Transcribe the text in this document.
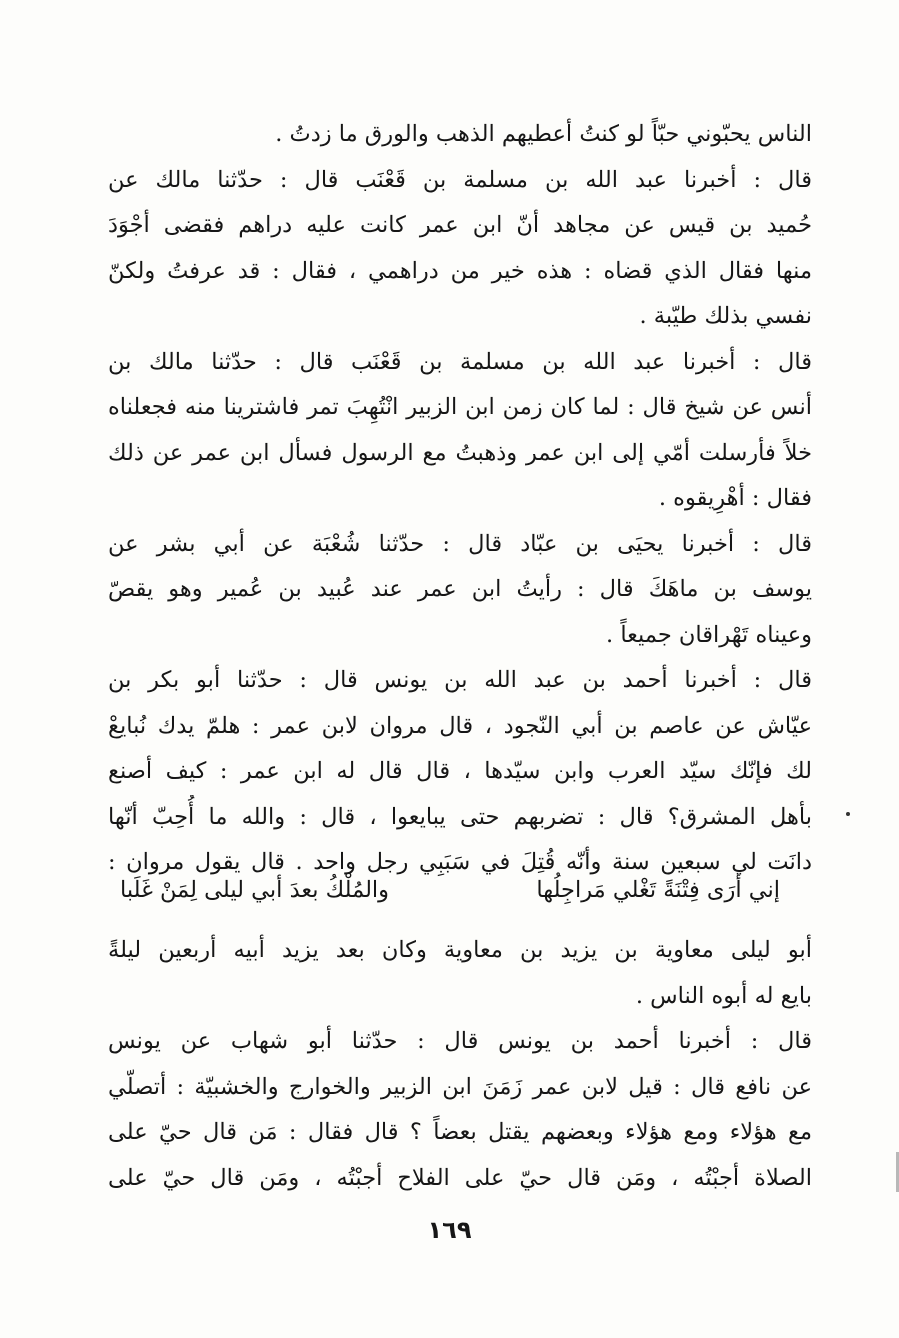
الناس يحبّوني حبّاً لو كنتُ أعطيهم الذهب والورق ما زدتُ .
قال : أخبرنا عبد الله بن مسلمة بن قَعْنَب قال : حدّثنا مالك عن
حُميد بن قيس عن مجاهد أنّ ابن عمر كانت عليه دراهم فقضى أجْوَدَ
منها فقال الذي قضاه : هذه خير من دراهمي ، فقال : قد عرفتُ ولكنّ
نفسي بذلك طيّبة .
قال : أخبرنا عبد الله بن مسلمة بن قَعْنَب قال : حدّثنا مالك بن
أنس عن شيخ قال : لما كان زمن ابن الزبير انْتُهِبَ تمر فاشترينا منه فجعلناه
خلاً فأرسلت أمّي إلى ابن عمر وذهبتُ مع الرسول فسأل ابن عمر عن ذلك
فقال : أهْرِيقوه .
قال : أخبرنا يحيَى بن عبّاد قال : حدّثنا شُعْبَة عن أبي بشر عن
يوسف بن ماهَكَ قال : رأيتُ ابن عمر عند عُبيد بن عُمير وهو يقصّ
وعيناه تَهْراقان جميعاً .
قال : أخبرنا أحمد بن عبد الله بن يونس قال : حدّثنا أبو بكر بن
عيّاش عن عاصم بن أبي النّجود ، قال مروان لابن عمر : هلمّ يدك نُبايعْ
لك فإنّك سيّد العرب وابن سيّدها ، قال قال له ابن عمر : كيف أصنع
بأهل المشرق؟ قال : تضربهم حتى يبايعوا ، قال : والله ما أُحِبّ أنّها
دانَت لي سبعين سنة وأنّه قُتِلَ في سَبَبِي رجل واحد . قال يقول مروان :
إني أرَى فِتْنَةً تَغْلي مَراجِلُها
والمُلْكُ بعدَ أبي ليلى لِمَنْ غَلَبا
أبو ليلى معاوية بن يزيد بن معاوية وكان بعد يزيد أبيه أربعين ليلةً
بايع له أبوه الناس .
قال : أخبرنا أحمد بن يونس قال : حدّثنا أبو شهاب عن يونس
عن نافع قال : قيل لابن عمر زَمَنَ ابن الزبير والخوارج والخشبيّة : أتصلّي
مع هؤلاء ومع هؤلاء وبعضهم يقتل بعضاً ؟ قال فقال : مَن قال حيّ على
الصلاة أجبْتُه ، ومَن قال حيّ على الفلاح أجبْتُه ، ومَن قال حيّ على
١٦٩
